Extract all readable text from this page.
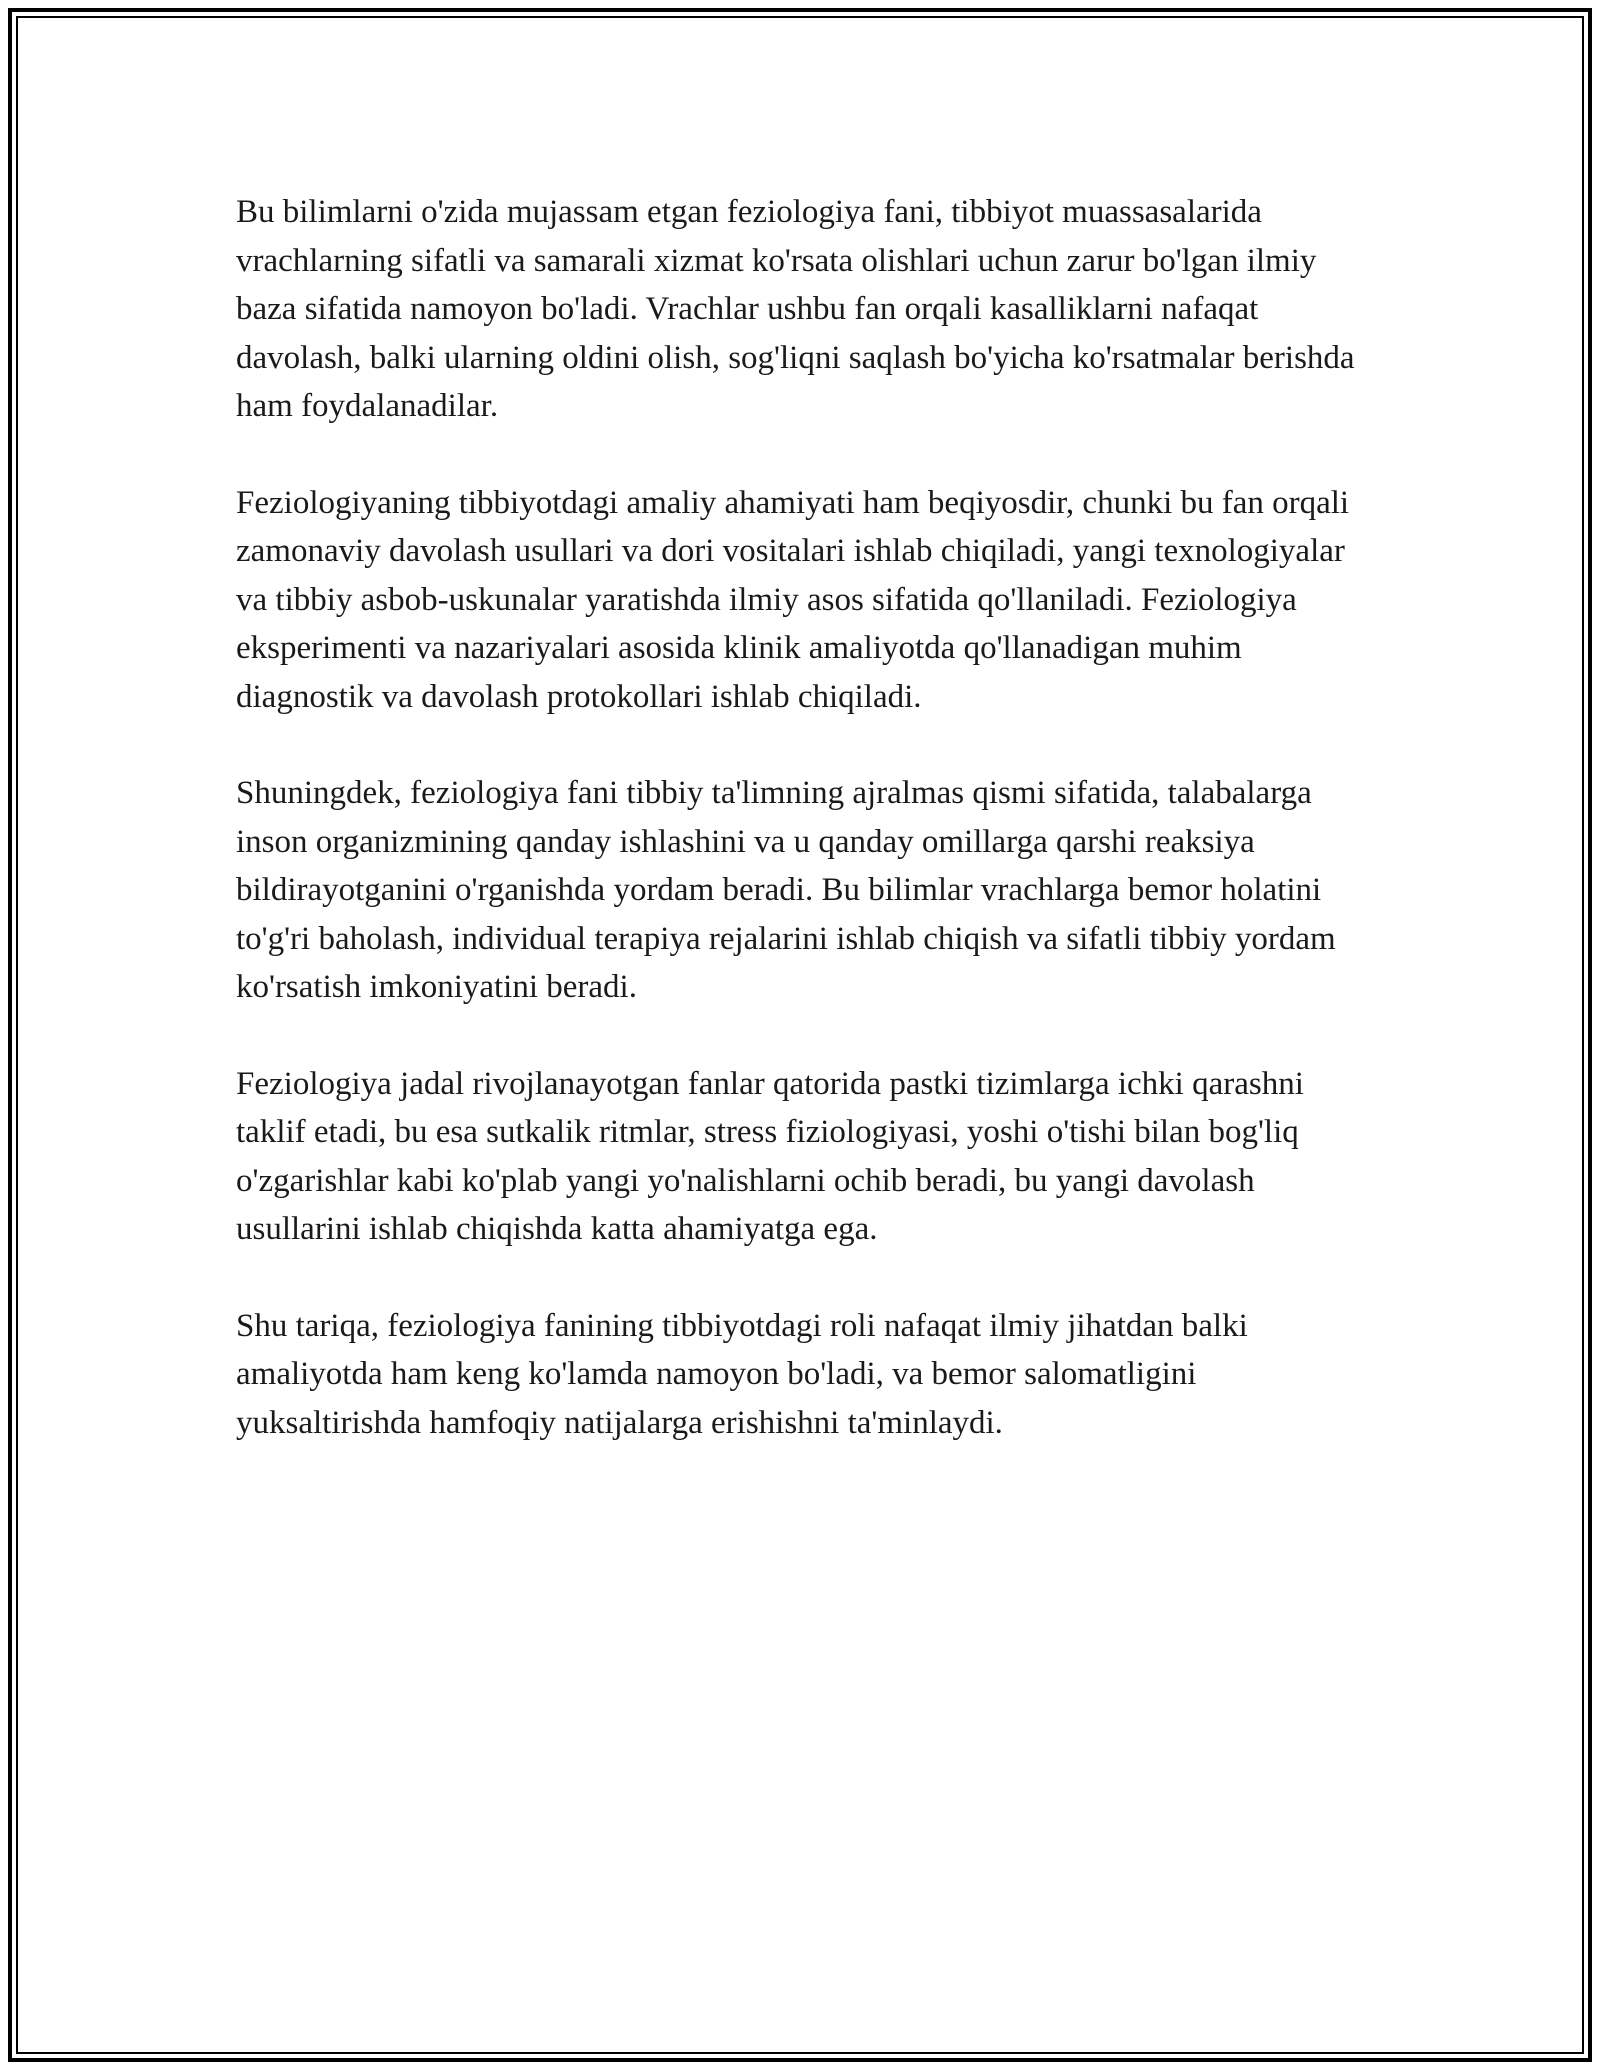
Bu bilimlarni o'zida mujassam etgan feziologiya fani, tibbiyot muassasalarida vrachlarning sifatli va samarali xizmat ko'rsata olishlari uchun zarur bo'lgan ilmiy baza sifatida namoyon bo'ladi. Vrachlar ushbu fan orqali kasalliklarni nafaqat davolash, balki ularning oldini olish, sog'liqni saqlash bo'yicha ko'rsatmalar berishda ham foydalanadilar.

Feziologiyaning tibbiyotdagi amaliy ahamiyati ham beqiyosdir, chunki bu fan orqali zamonaviy davolash usullari va dori vositalari ishlab chiqiladi, yangi texnologiyalar va tibbiy asbob-uskunalar yaratishda ilmiy asos sifatida qo'llaniladi. Feziologiya eksperimenti va nazariyalari asosida klinik amaliyotda qo'llanadigan muhim diagnostik va davolash protokollari ishlab chiqiladi.

Shuningdek, feziologiya fani tibbiy ta'limning ajralmas qismi sifatida, talabalarga inson organizmining qanday ishlashini va u qanday omillarga qarshi reaksiya bildirayotganini o'rganishda yordam beradi. Bu bilimlar vrachlarga bemor holatini to'g'ri baholash, individual terapiya rejalarini ishlab chiqish va sifatli tibbiy yordam ko'rsatish imkoniyatini beradi.

Feziologiya jadal rivojlanayotgan fanlar qatorida pastki tizimlarga ichki qarashni taklif etadi, bu esa sutkalik ritmlar, stress fiziologiyasi, yoshi o'tishi bilan bog'liq o'zgarishlar kabi ko'plab yangi yo'nalishlarni ochib beradi, bu yangi davolash usullarini ishlab chiqishda katta ahamiyatga ega.

Shu tariqa, feziologiya fanining tibbiyotdagi roli nafaqat ilmiy jihatdan balki amaliyotda ham keng ko'lamda namoyon bo'ladi, va bemor salomatligini yuksaltirishda hamfoqiy natijalarga erishishni ta'minlaydi.
